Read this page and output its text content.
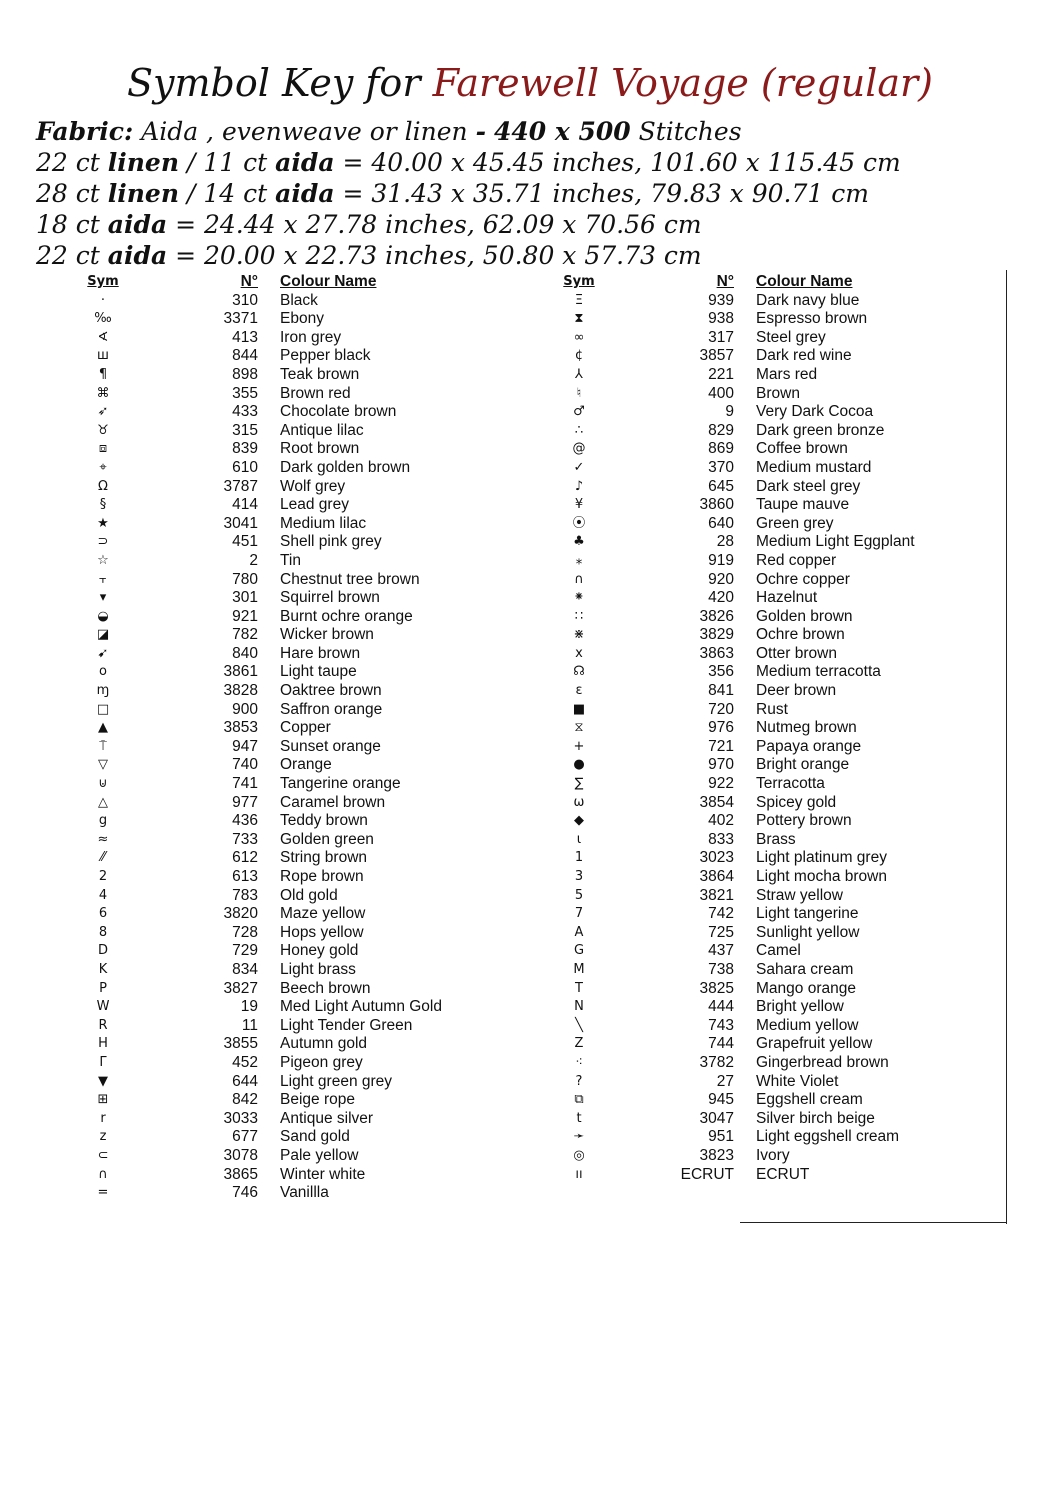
Symbol Key for Farewell Voyage (regular)
Fabric: Aida , evenweave or linen - 440 x 500 Stitches
22 ct linen / 11 ct aida = 40.00 x 45.45 inches, 101.60 x 115.45 cm
28 ct linen / 14 ct aida = 31.43 x 35.71 inches, 79.83 x 90.71 cm
18 ct aida = 24.44 x 27.78 inches, 62.09 x 70.56 cm
22 ct aida = 20.00 x 22.73 inches, 50.80 x 57.73 cm
Sym	N° Colour Name
·	310 Black
‰	3371 Ebony
∢	413 Iron grey
ш	844 Pepper black
¶	898 Teak brown
⌘	355 Brown red
➶	433 Chocolate brown
♉	315 Antique lilac
⧈	839 Root brown
⌖	610 Dark golden brown
Ω	3787 Wolf grey
§	414 Lead grey
★	3041 Medium lilac
⊃	451 Shell pink grey
☆	2 Tin
⫟	780 Chestnut tree brown
▾	301 Squirrel brown
◒	921 Burnt ochre orange
◪	782 Wicker brown
➹	840 Hare brown
o	3861 Light taupe
ɱ	3828 Oaktree brown
□	900 Saffron orange
▲	3853 Copper
⍑	947 Sunset orange
▽	740 Orange
⊍	741 Tangerine orange
△	977 Caramel brown
g	436 Teddy brown
≈	733 Golden green
⁄⁄	612 String brown
2	613 Rope brown
4	783 Old gold
6	3820 Maze yellow
8	728 Hops yellow
D	729 Honey gold
K	834 Light brass
P	3827 Beech brown
W	19 Med Light Autumn Gold
R	11 Light Tender Green
H	3855 Autumn gold
Γ	452 Pigeon grey
▼	644 Light green grey
⊞	842 Beige rope
r	3033 Antique silver
z	677 Sand gold
⊂	3078 Pale yellow
∩	3865 Winter white
=	746 Vanillla
Sym	N° Colour Name
Ξ	939 Dark navy blue
⧗	938 Espresso brown
∞	317 Steel grey
¢	3857 Dark red wine
⅄	221 Mars red
♮	400 Brown
♂	9 Very Dark Cocoa
∴	829 Dark green bronze
@	869 Coffee brown
✓	370 Medium mustard
♪	645 Dark steel grey
¥	3860 Taupe mauve
⦿	640 Green grey
♣	28 Medium Light Eggplant
⁎	919 Red copper
∩	920 Ochre copper
⁕	420 Hazelnut
∷	3826 Golden brown
⋇	3829 Ochre brown
x	3863 Otter brown
☊	356 Medium terracotta
ε	841 Deer brown
■	720 Rust
⧖	976 Nutmeg brown
+	721 Papaya orange
●	970 Bright orange
∑	922 Terracotta
ω	3854 Spicey gold
◆	402 Pottery brown
ɩ	833 Brass
1	3023 Light platinum grey
3	3864 Light mocha brown
5	3821 Straw yellow
7	742 Light tangerine
A	725 Sunlight yellow
G	437 Camel
M	738 Sahara cream
T	3825 Mango orange
N	444 Bright yellow
╲	743 Medium yellow
Z	744 Grapefruit yellow
⁖	3782 Gingerbread brown
?	27 White Violet
⧉	945 Eggshell cream
t	3047 Silver birch beige
➛	951 Light eggshell cream
◎	3823 Ivory
ıı	ECRUT ECRUT
